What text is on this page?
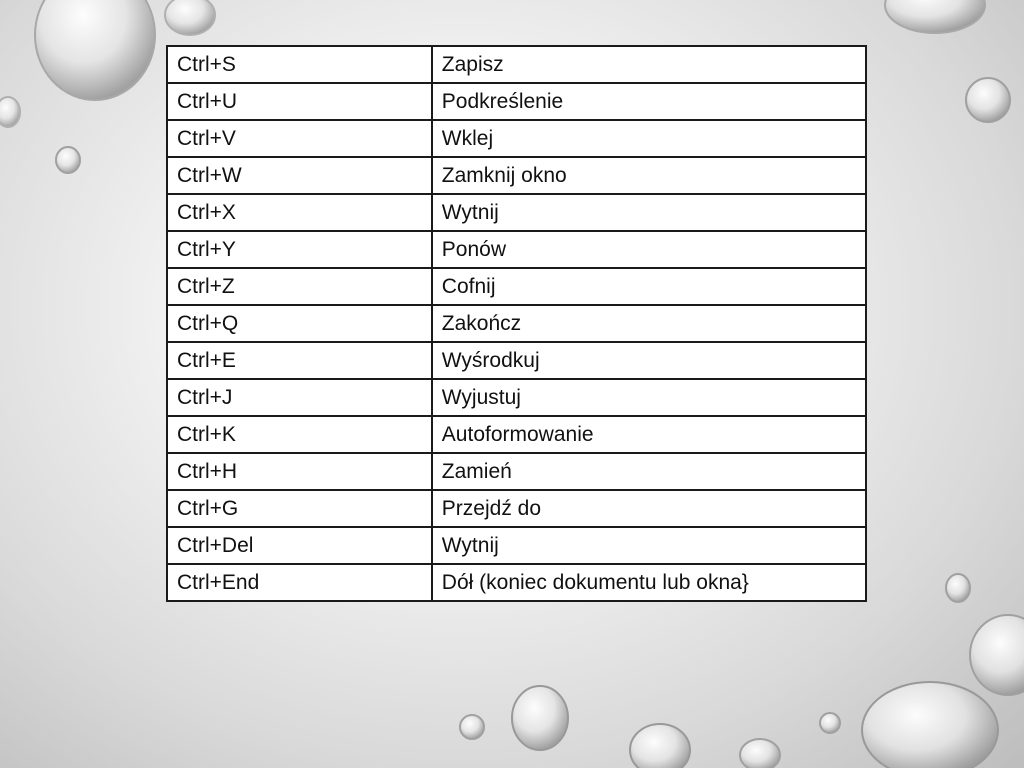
Ctrl+S	Zapisz
Ctrl+U	Podkreślenie
Ctrl+V	Wklej
Ctrl+W	Zamknij okno
Ctrl+X	Wytnij
Ctrl+Y	Ponów
Ctrl+Z	Cofnij
Ctrl+Q	Zakończ
Ctrl+E	Wyśrodkuj
Ctrl+J	Wyjustuj
Ctrl+K	Autoformowanie
Ctrl+H	Zamień
Ctrl+G	Przejdź do
Ctrl+Del	Wytnij
Ctrl+End	Dół (koniec dokumentu lub okna}
